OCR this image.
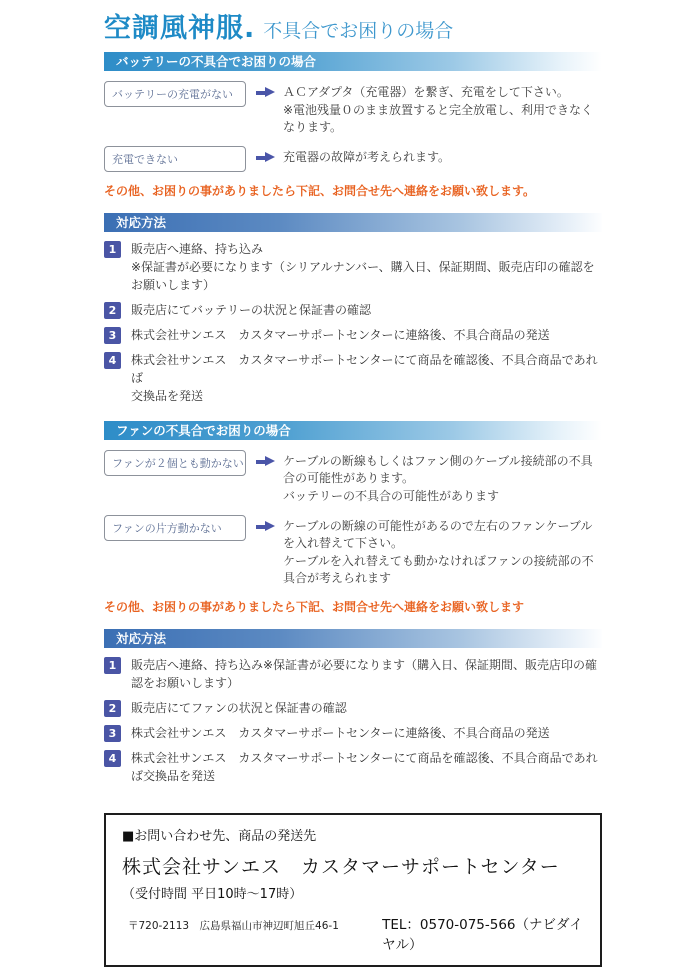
空調風神服. 不具合でお困りの場合
バッテリーの不具合でお困りの場合
バッテリーの充電がない	ＡＣアダプタ（充電器）を繋ぎ、充電をして下さい。
※電池残量０のまま放置すると完全放電し、利用できなくなります。
充電できない	充電器の故障が考えられます。
その他、お困りの事がありましたら下記、お問合せ先へ連絡をお願い致します。
対応方法
1	販売店へ連絡、持ち込み
※保証書が必要になります（シリアルナンバー、購入日、保証期間、販売店印の確認をお願いします）
2	販売店にてバッテリーの状況と保証書の確認
3	株式会社サンエス　カスタマーサポートセンターに連絡後、不具合商品の発送
4	株式会社サンエス　カスタマーサポートセンターにて商品を確認後、不具合商品であれば
交換品を発送
ファンの不具合でお困りの場合
ファンが２個とも動かない	ケーブルの断線もしくはファン側のケーブル接続部の不具合の可能性があります。
バッテリーの不具合の可能性があります
ファンの片方動かない	ケーブルの断線の可能性があるので左右のファンケーブルを入れ替えて下さい。
ケーブルを入れ替えても動かなければファンの接続部の不具合が考えられます
その他、お困りの事がありましたら下記、お問合せ先へ連絡をお願い致します
対応方法
1	販売店へ連絡、持ち込み※保証書が必要になります（購入日、保証期間、販売店印の確認をお願いします）
2	販売店にてファンの状況と保証書の確認
3	株式会社サンエス　カスタマーサポートセンターに連絡後、不具合商品の発送
4	株式会社サンエス　カスタマーサポートセンターにて商品を確認後、不具合商品であれば交換品を発送
■お問い合わせ先、商品の発送先
株式会社サンエス　カスタマーサポートセンター
（受付時間 平日10時～17時）
〒720-2113　広島県福山市神辺町旭丘46-1	TEL：0570-075-566（ナビダイヤル）
